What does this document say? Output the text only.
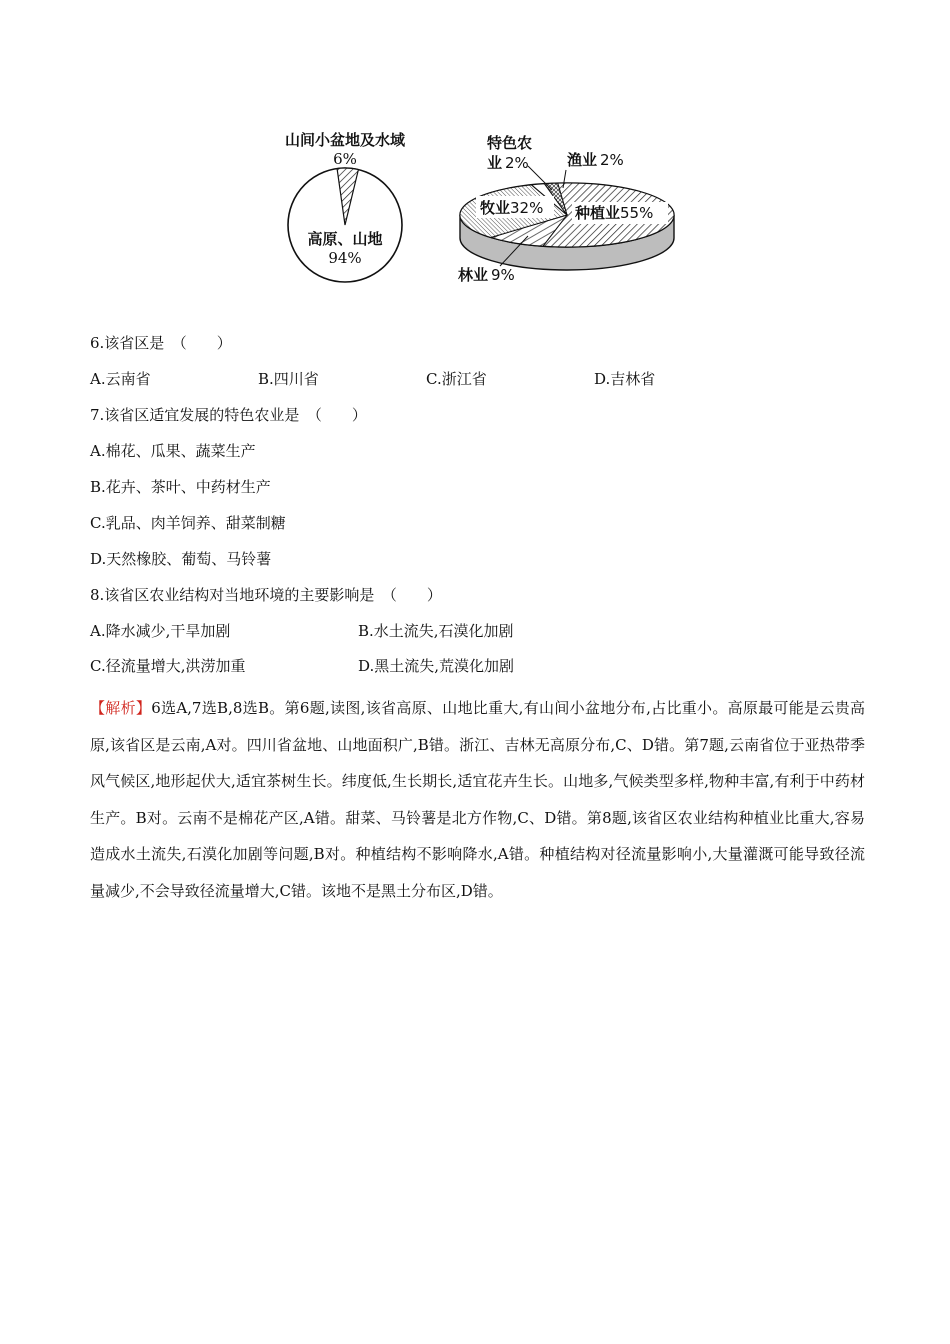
山间小盆地及水域
6%
高原、山地
94%
牧业32% 种植业55%
特色农
业 2%	渔业 2%
林业 9%
6.该省区是　（　　）
A.云南省	B.四川省	C.浙江省	D.吉林省
7.该省区适宜发展的特色农业是　（　　）
A.棉花、瓜果、蔬菜生产
B.花卉、茶叶、中药材生产
C.乳品、肉羊饲养、甜菜制糖
D.天然橡胶、葡萄、马铃薯
8.该省区农业结构对当地环境的主要影响是　（　　）
A.降水减少,干旱加剧	B.水土流失,石漠化加剧
C.径流量增大,洪涝加重	D.黑土流失,荒漠化加剧
【解析】6选A,7选B,8选B。第6题,读图,该省高原、山地比重大,有山间小盆地分布,占比重小。高原最可能是云贵高原,该省区是云南,A对。四川省盆地、山地面积广,B错。浙江、吉林无高原分布,C、D错。第7题,云南省位于亚热带季风气候区,地形起伏大,适宜茶树生长。纬度低,生长期长,适宜花卉生长。山地多,气候类型多样,物种丰富,有利于中药材生产。B对。云南不是棉花产区,A错。甜菜、马铃薯是北方作物,C、D错。第8题,该省区农业结构种植业比重大,容易造成水土流失,石漠化加剧等问题,B对。种植结构不影响降水,A错。种植结构对径流量影响小,大量灌溉可能导致径流量减少,不会导致径流量增大,C错。该地不是黑土分布区,D错。
